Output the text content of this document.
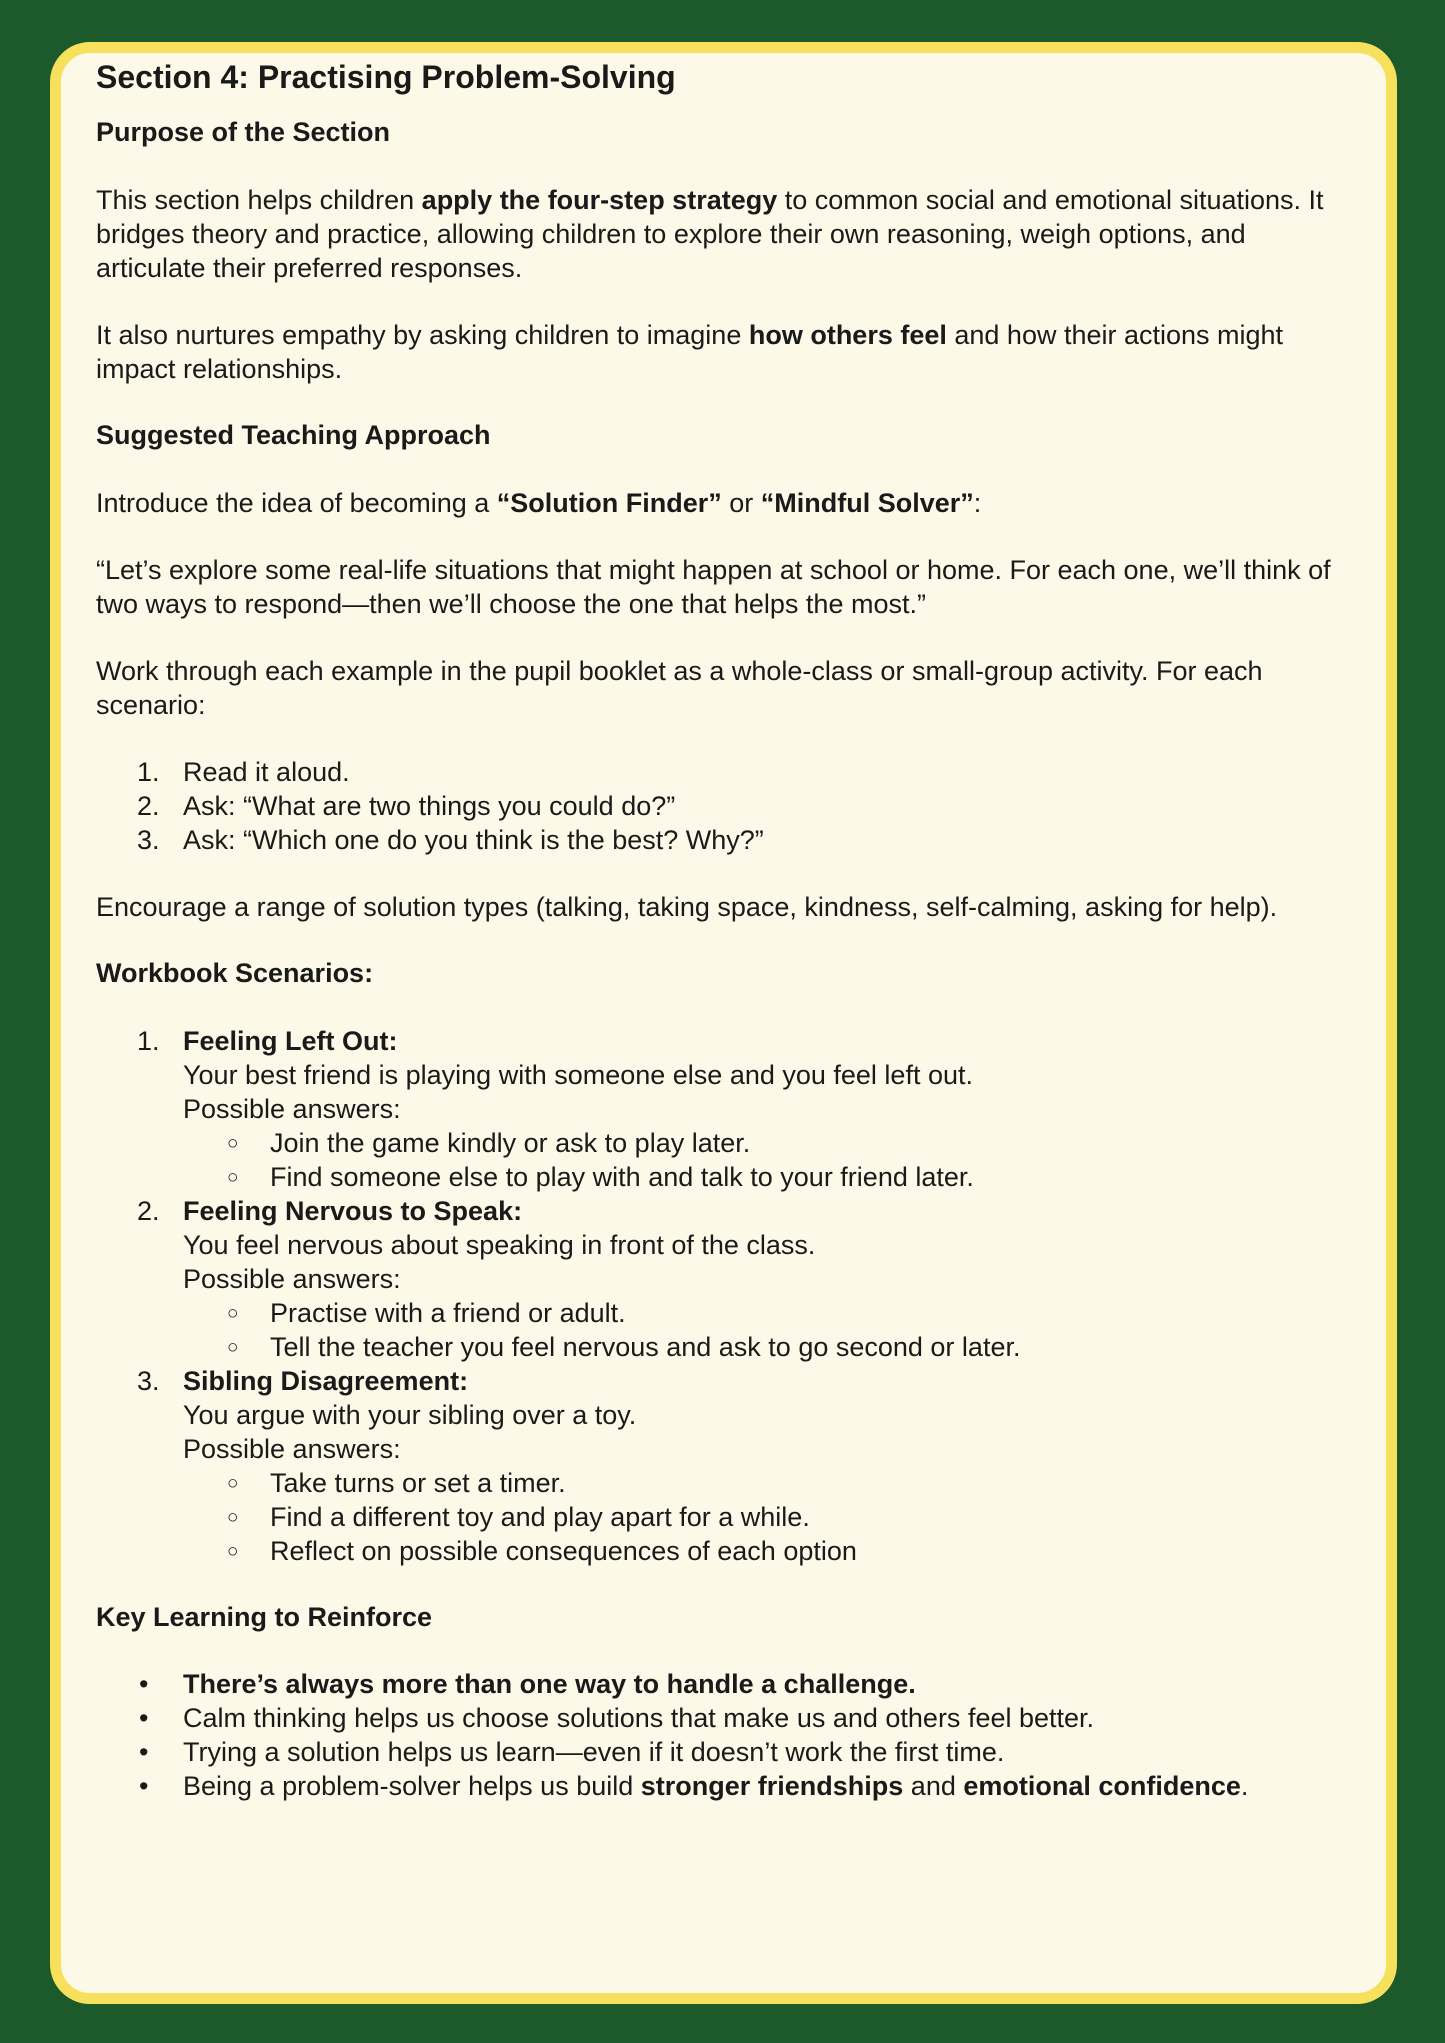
Section 4: Practising Problem-Solving
Purpose of the Section

This section helps children apply the four-step strategy to common social and emotional situations. It bridges theory and practice, allowing children to explore their own reasoning, weigh options, and articulate their preferred responses.

It also nurtures empathy by asking children to imagine how others feel and how their actions might impact relationships.

Suggested Teaching Approach

Introduce the idea of becoming a “Solution Finder” or “Mindful Solver”:

“Let’s explore some real-life situations that might happen at school or home. For each one, we’ll think of two ways to respond—then we’ll choose the one that helps the most.”

Work through each example in the pupil booklet as a whole-class or small-group activity. For each scenario:

1. Read it aloud.
2. Ask: “What are two things you could do?”
3. Ask: “Which one do you think is the best? Why?”

Encourage a range of solution types (talking, taking space, kindness, self-calming, asking for help).

Workbook Scenarios:
1. Feeling Left Out:
Your best friend is playing with someone else and you feel left out.
Possible answers:
○ Join the game kindly or ask to play later.
○ Find someone else to play with and talk to your friend later.
2. Feeling Nervous to Speak:
You feel nervous about speaking in front of the class.
Possible answers:
○ Practise with a friend or adult.
○ Tell the teacher you feel nervous and ask to go second or later.
3. Sibling Disagreement:
You argue with your sibling over a toy.
Possible answers:
○ Take turns or set a timer.
○ Find a different toy and play apart for a while.
○ Reflect on possible consequences of each option
Key Learning to Reinforce
• There’s always more than one way to handle a challenge.
• Calm thinking helps us choose solutions that make us and others feel better.
• Trying a solution helps us learn—even if it doesn’t work the first time.
• Being a problem-solver helps us build stronger friendships and emotional confidence.
